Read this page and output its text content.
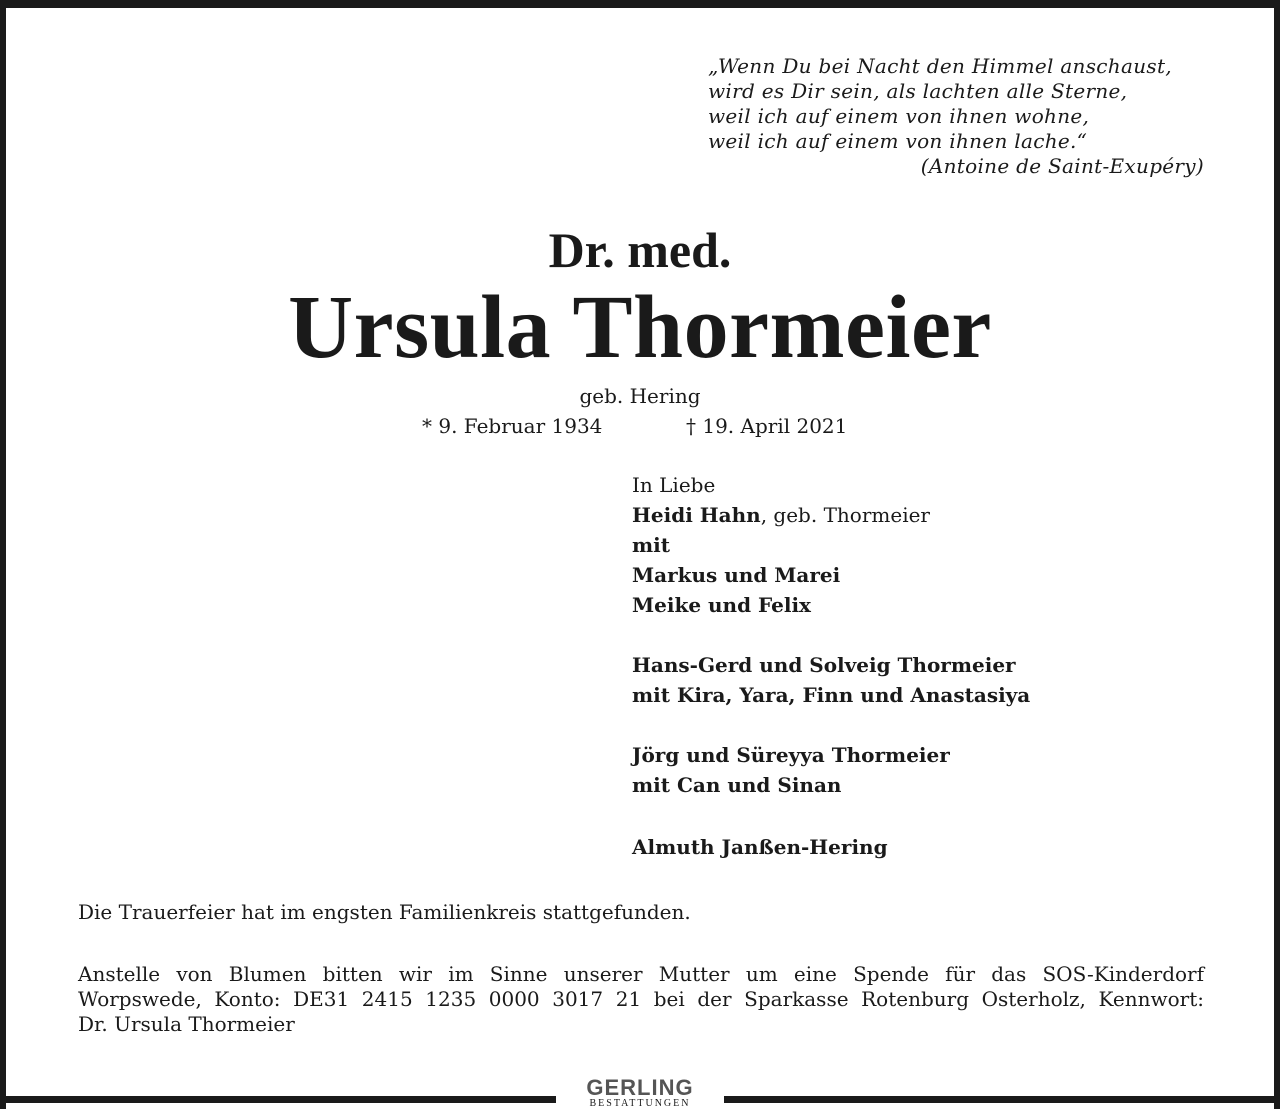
„Wenn Du bei Nacht den Himmel anschaust,
wird es Dir sein, als lachten alle Sterne,
weil ich auf einem von ihnen wohne,
weil ich auf einem von ihnen lache.“
(Antoine de Saint-Exupéry)
Dr. med.
Ursula Thormeier
geb. Hering
* 9. Februar 1934	† 19. April 2021
In Liebe
Heidi Hahn, geb. Thormeier
mit
Markus und Marei
Meike und Felix
Hans-Gerd und Solveig Thormeier
mit Kira, Yara, Finn und Anastasiya
Jörg und Süreyya Thormeier
mit Can und Sinan
Almuth Janßen-Hering
Die Trauerfeier hat im engsten Familienkreis stattgefunden.
Anstelle von Blumen bitten wir im Sinne unserer Mutter um eine Spende für das SOS-Kinderdorf
Worpswede, Konto: DE31 2415 1235 0000 3017 21 bei der Sparkasse Rotenburg Osterholz, Kennwort:
Dr. Ursula Thormeier
GERLING
BESTATTUNGEN
